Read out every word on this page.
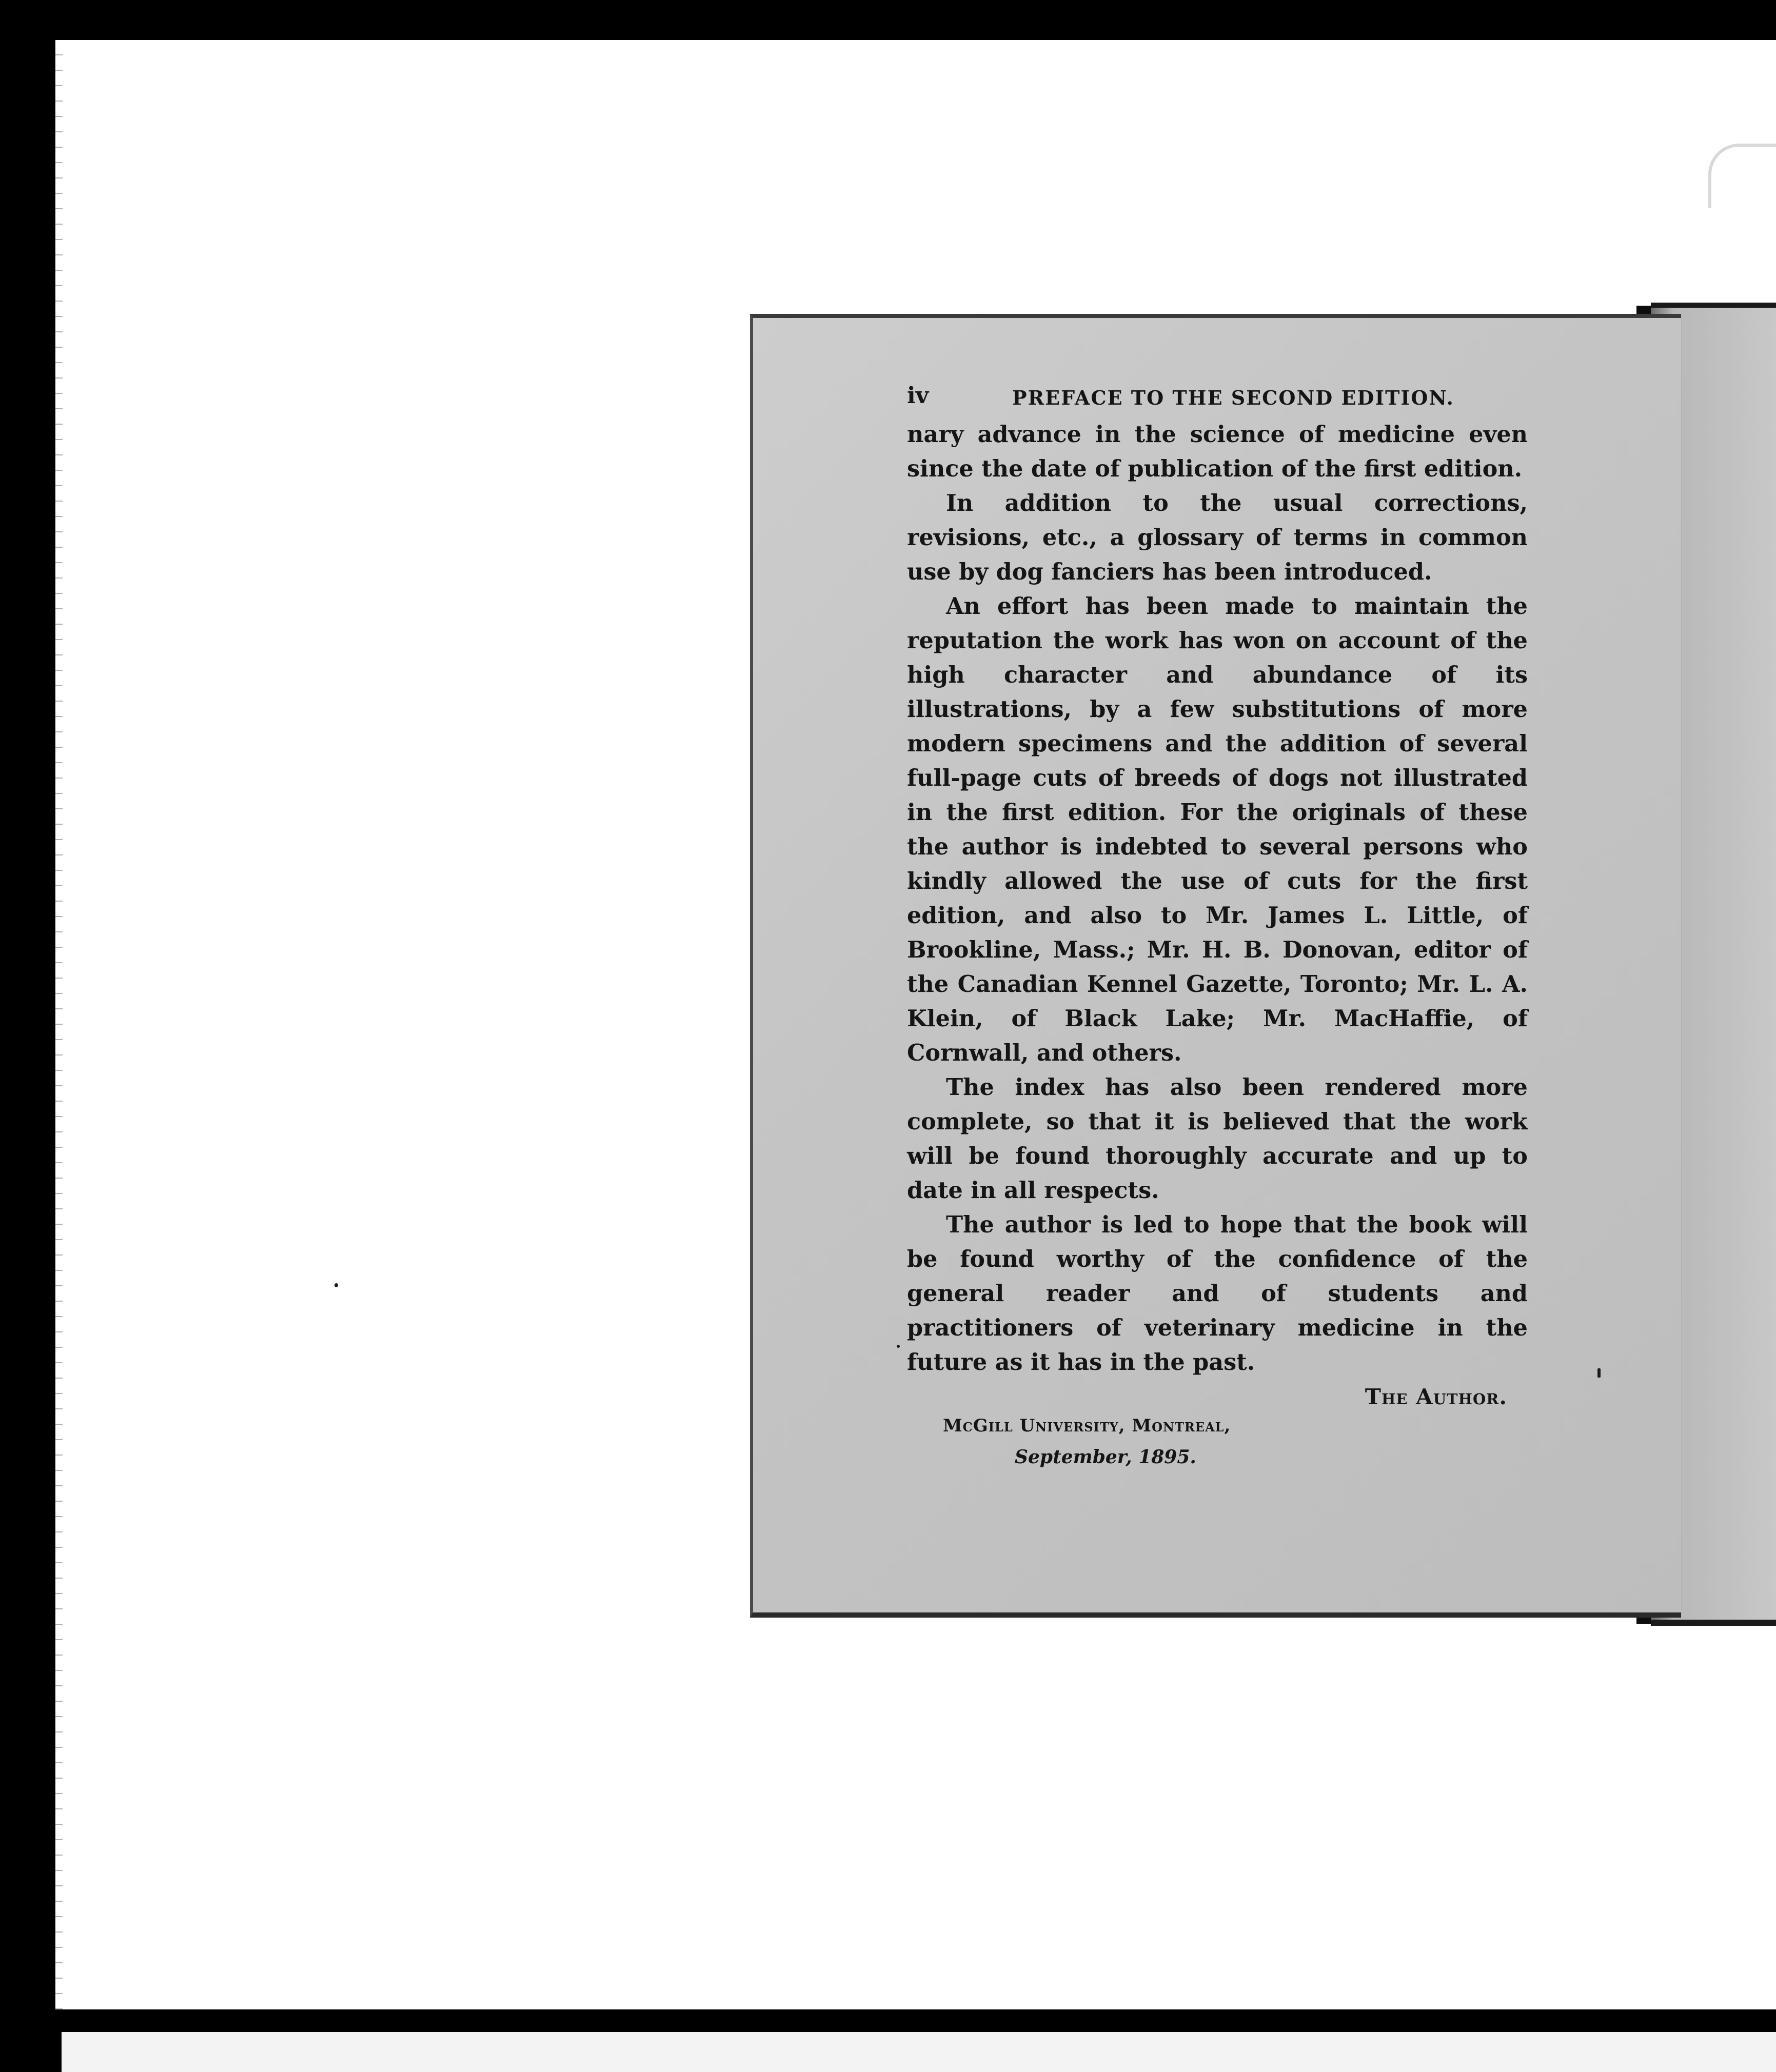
iv	PREFACE TO THE SECOND EDITION.

nary advance in the science of medicine even since the date of publication of the first edition.

In addition to the usual corrections, revisions, etc., a glossary of terms in common use by dog fanciers has been introduced.

An effort has been made to maintain the reputation the work has won on account of the high character and abundance of its illustrations, by a few substitutions of more modern specimens and the addition of several full-page cuts of breeds of dogs not illustrated in the first edition. For the originals of these the author is indebted to several persons who kindly allowed the use of cuts for the first edition, and also to Mr. James L. Little, of Brookline, Mass.; Mr. H. B. Donovan, editor of the Canadian Kennel Gazette, Toronto; Mr. L. A. Klein, of Black Lake; Mr. MacHaffie, of Cornwall, and others.

The index has also been rendered more complete, so that it is believed that the work will be found thoroughly accurate and up to date in all respects.

The author is led to hope that the book will be found worthy of the confidence of the general reader and of students and practitioners of veterinary medicine in the future as it has in the past.

The Author.
McGill University, Montreal,
September, 1895.
